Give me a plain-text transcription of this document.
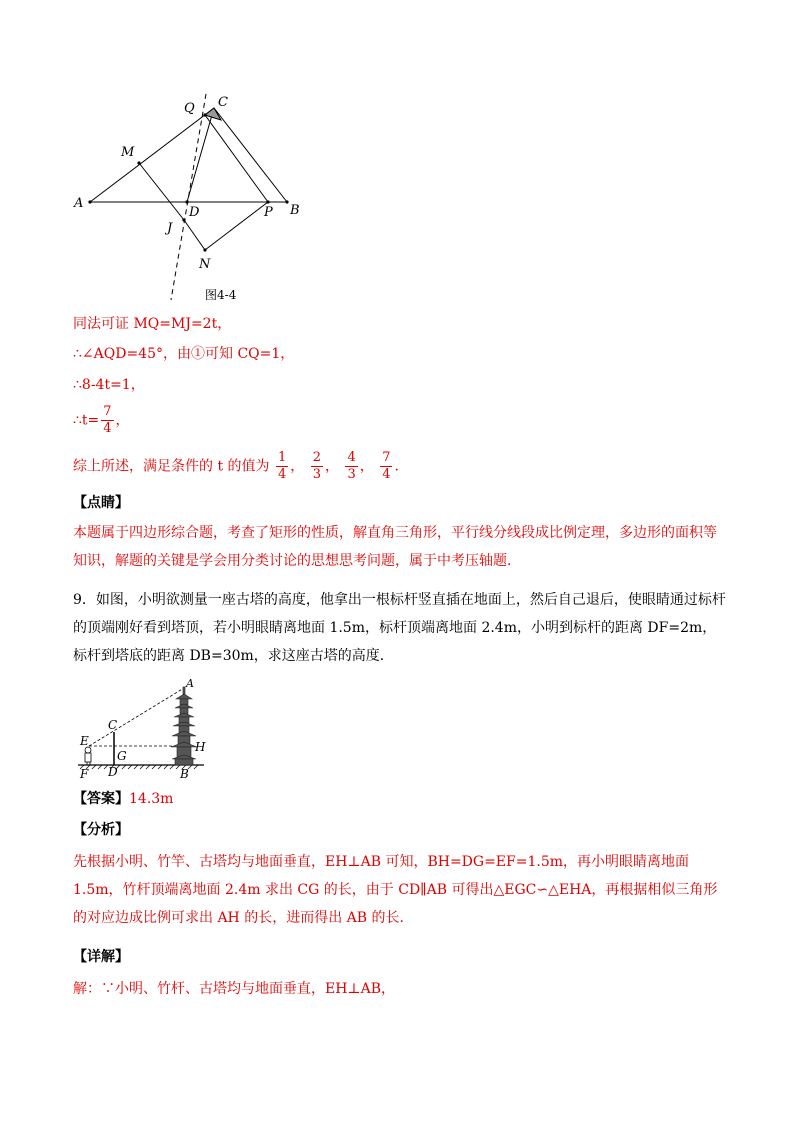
Q C
M
A
D	P B
J
N
图4-4
同法可证 MQ=MJ=2t，
∴∠AQD=45°，由①可知 CQ=1，
∴8-4t=1，
∴t= $\frac{7}{4}$ ，
综上所述，满足条件的 t 的值为 $\frac{1}{4}$ ， $\frac{2}{3}$ ， $\frac{4}{3}$ ， $\frac{7}{4}$ .
【点睛】
本题属于四边形综合题，考查了矩形的性质，解直角三角形，平行线分线段成比例定理，多边形的面积等知识，解题的关键是学会用分类讨论的思想思考问题，属于中考压轴题．
9．如图，小明欲测量一座古塔的高度，他拿出一根标杆竖直插在地面上，然后自己退后，使眼睛通过标杆的顶端刚好看到塔顶，若小明眼睛离地面 1.5m，标杆顶端离地面 2.4m，小明到标杆的距离 DF=2m，标杆到塔底的距离 DB=30m，求这座古塔的高度．
A
C
E
G
H
F D	B
【答案】14.3m
【分析】
先根据小明、竹竿、古塔均与地面垂直，EH⊥AB 可知，BH=DG=EF=1.5m，再小明眼睛离地面 1.5m，竹杆顶端离地面 2.4m 求出 CG 的长，由于 CD∥AB 可得出△EGC∽△EHA，再根据相似三角形的对应边成比例可求出 AH 的长，进而得出 AB 的长．
【详解】
解：∵小明、竹杆、古塔均与地面垂直，EH⊥AB，
